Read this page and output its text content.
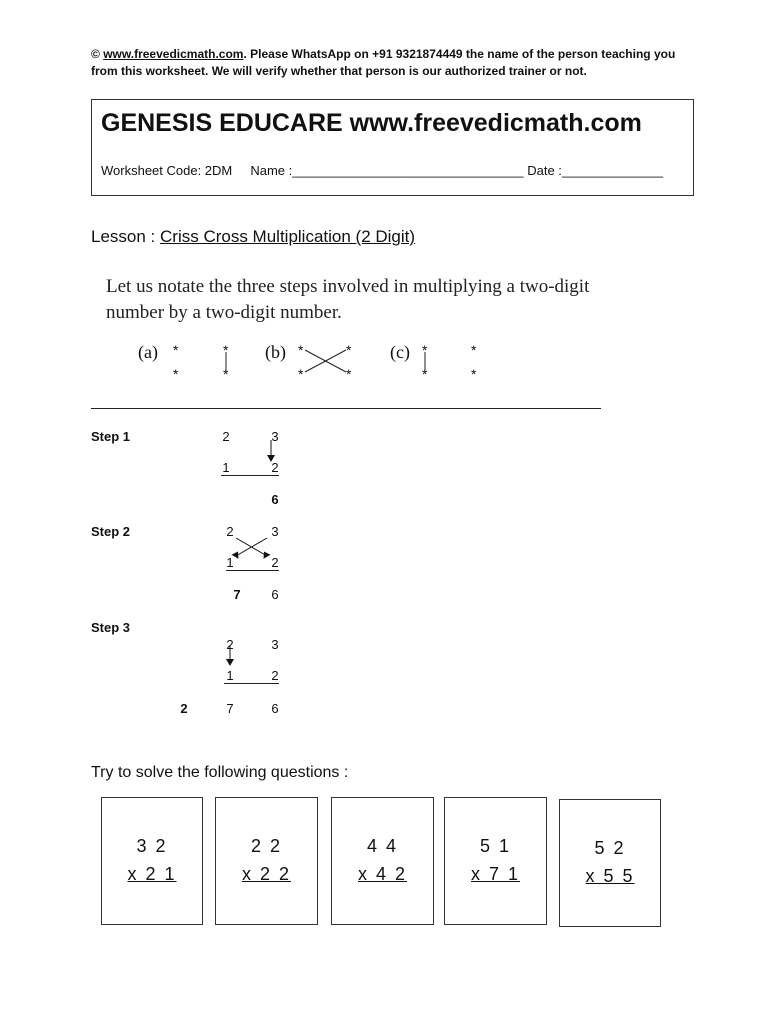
© www.freevedicmath.com. Please WhatsApp on +91 9321874449 the name of the person teaching you from this worksheet. We will verify whether that person is our authorized trainer or not.
GENESIS EDUCARE www.freevedicmath.com
Worksheet Code: 2DM Name :________________________________ Date :______________
Lesson : Criss Cross Multiplication (2 Digit)
Let us notate the three steps involved in multiplying a two-digit number by a two-digit number.
(a)	(b)	(c)
*	*
*	*
*	*
*	*
*	*
*	*
Step 1	2	3
1	2
6
Step 2	2	3
1	2
7 6
Step 3
2	3
1	2
2	7	6
Try to solve the following questions :
3 2
x 2 1
2 2
x 2 2
4 4
x 4 2
5 1
x 7 1
5 2
x 5 5
